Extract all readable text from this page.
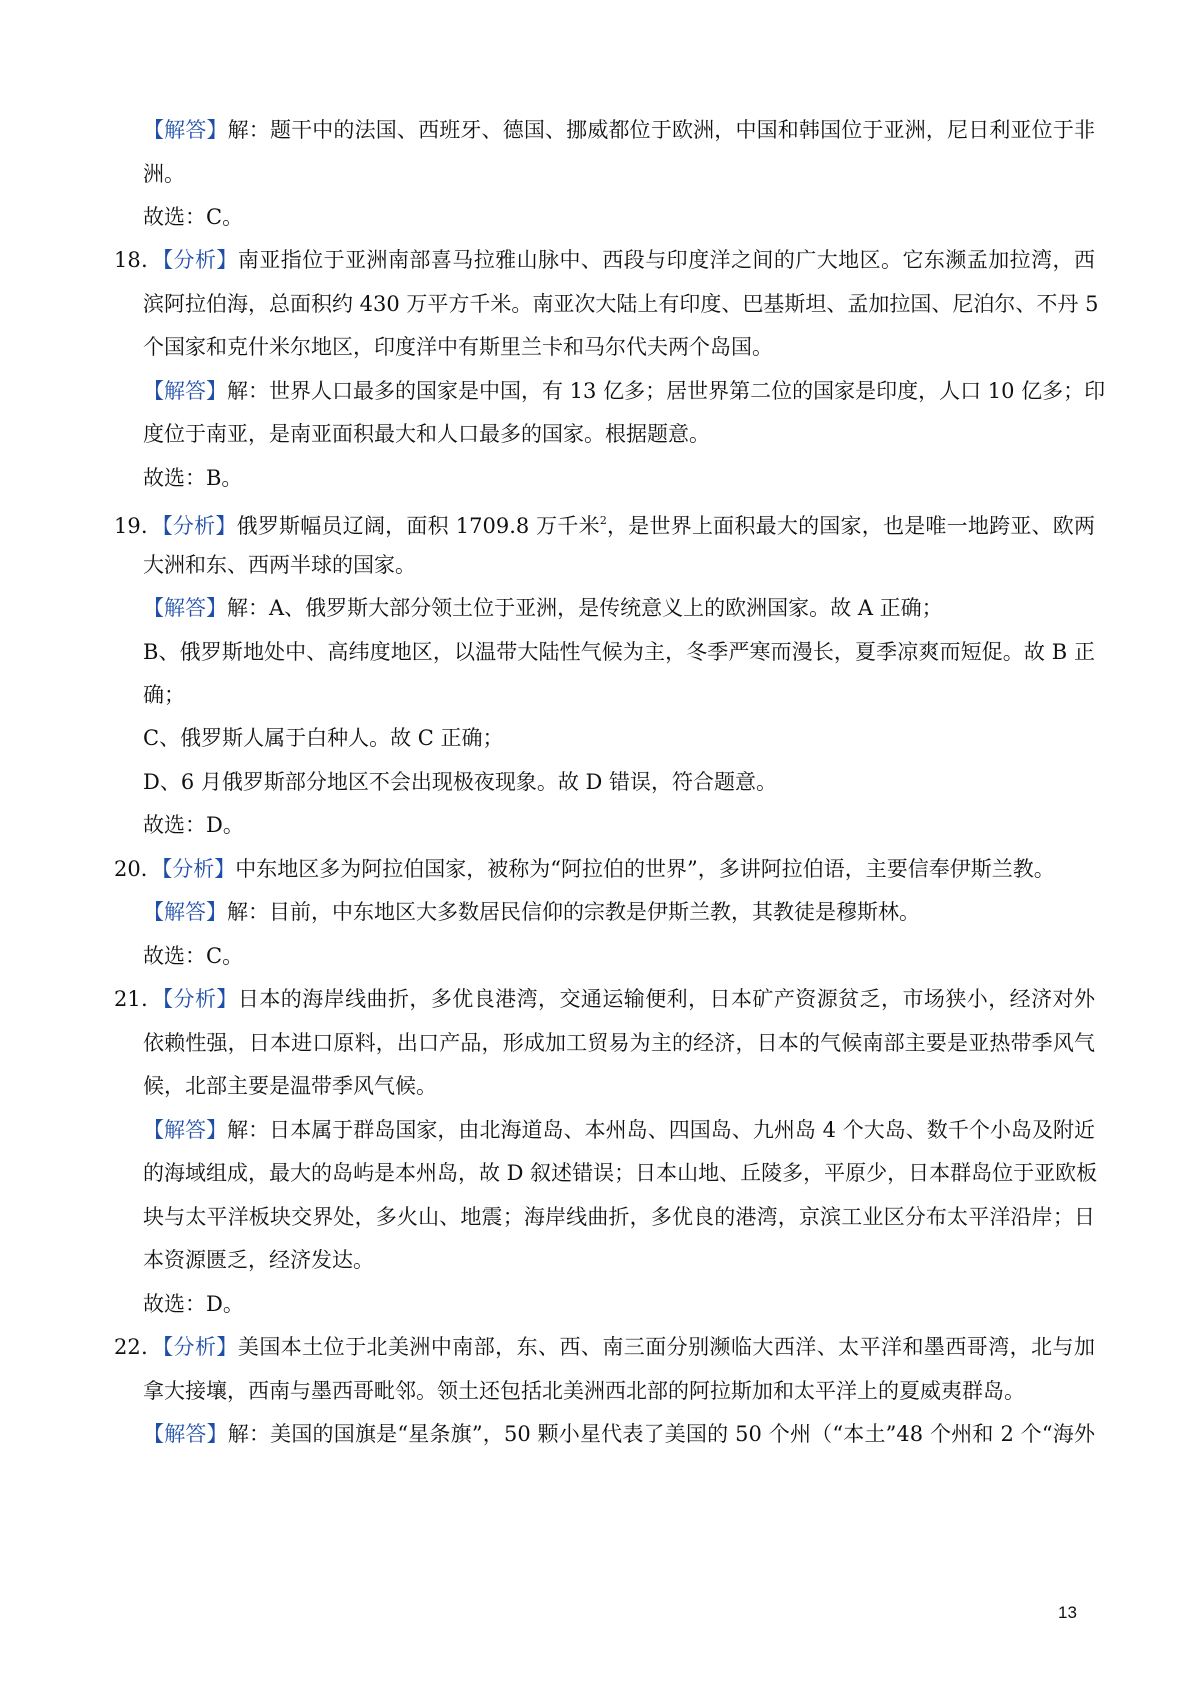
【解答】解：题干中的法国、西班牙、德国、挪威都位于欧洲，中国和韩国位于亚洲，尼日利亚位于非
洲。
故选：C。
18．【分析】南亚指位于亚洲南部喜马拉雅山脉中、西段与印度洋之间的广大地区。它东濒孟加拉湾，西
滨阿拉伯海，总面积约 430 万平方千米。南亚次大陆上有印度、巴基斯坦、孟加拉国、尼泊尔、不丹 5
个国家和克什米尔地区，印度洋中有斯里兰卡和马尔代夫两个岛国。
【解答】解：世界人口最多的国家是中国，有 13 亿多；居世界第二位的国家是印度，人口 10 亿多；印
度位于南亚，是南亚面积最大和人口最多的国家。根据题意。
故选：B。
19．【分析】俄罗斯幅员辽阔，面积 1709.8 万千米$^2$，是世界上面积最大的国家，也是唯一地跨亚、欧两
大洲和东、西两半球的国家。
【解答】解：A、俄罗斯大部分领土位于亚洲，是传统意义上的欧洲国家。故 A 正确；
B、俄罗斯地处中、高纬度地区，以温带大陆性气候为主，冬季严寒而漫长，夏季凉爽而短促。故 B 正
确；
C、俄罗斯人属于白种人。故 C 正确；
D、6 月俄罗斯部分地区不会出现极夜现象。故 D 错误，符合题意。
故选：D。
20．【分析】中东地区多为阿拉伯国家，被称为“阿拉伯的世界”，多讲阿拉伯语，主要信奉伊斯兰教。
【解答】解：目前，中东地区大多数居民信仰的宗教是伊斯兰教，其教徒是穆斯林。
故选：C。
21．【分析】日本的海岸线曲折，多优良港湾，交通运输便利，日本矿产资源贫乏，市场狭小，经济对外
依赖性强，日本进口原料，出口产品，形成加工贸易为主的经济，日本的气候南部主要是亚热带季风气
候，北部主要是温带季风气候。
【解答】解：日本属于群岛国家，由北海道岛、本州岛、四国岛、九州岛 4 个大岛、数千个小岛及附近
的海域组成，最大的岛屿是本州岛，故 D 叙述错误；日本山地、丘陵多，平原少，日本群岛位于亚欧板
块与太平洋板块交界处，多火山、地震；海岸线曲折，多优良的港湾，京滨工业区分布太平洋沿岸；日
本资源匮乏，经济发达。
故选：D。
22．【分析】美国本土位于北美洲中南部，东、西、南三面分别濒临大西洋、太平洋和墨西哥湾，北与加
拿大接壤，西南与墨西哥毗邻。领土还包括北美洲西北部的阿拉斯加和太平洋上的夏威夷群岛。
【解答】解：美国的国旗是“星条旗”，50 颗小星代表了美国的 50 个州（“本土”48 个州和 2 个“海外
13
